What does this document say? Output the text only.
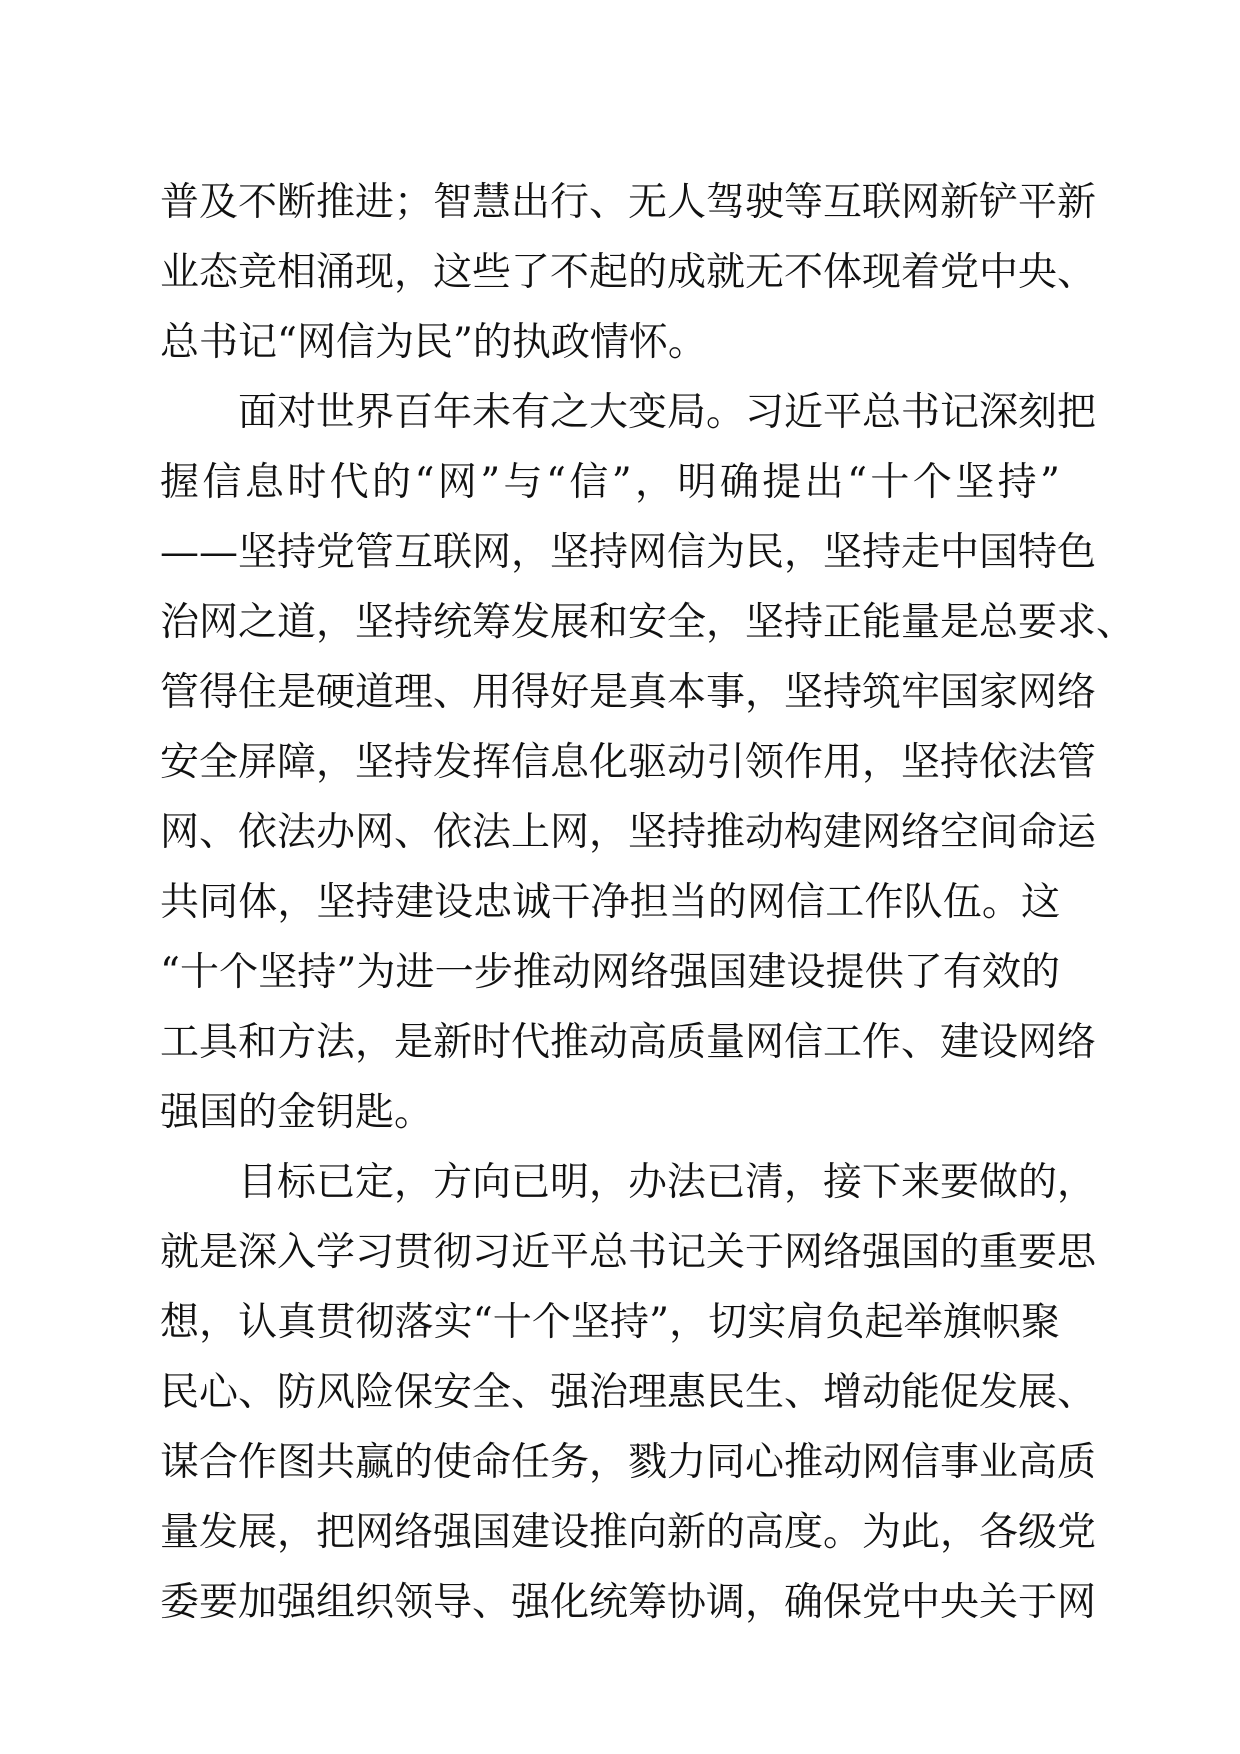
普及不断推进；智慧出行、无人驾驶等互联网新铲平新
业态竞相涌现，这些了不起的成就无不体现着党中央、
总书记“网信为民”的执政情怀。
面对世界百年未有之大变局。习近平总书记深刻把
握信息时代的“网”与“信”，明确提出“十个坚持”
——坚持党管互联网，坚持网信为民，坚持走中国特色
治网之道，坚持统筹发展和安全，坚持正能量是总要求、
管得住是硬道理、用得好是真本事，坚持筑牢国家网络
安全屏障，坚持发挥信息化驱动引领作用，坚持依法管
网、依法办网、依法上网，坚持推动构建网络空间命运
共同体，坚持建设忠诚干净担当的网信工作队伍。这
“十个坚持”为进一步推动网络强国建设提供了有效的
工具和方法，是新时代推动高质量网信工作、建设网络
强国的金钥匙。
目标已定，方向已明，办法已清，接下来要做的，
就是深入学习贯彻习近平总书记关于网络强国的重要思
想，认真贯彻落实“十个坚持”，切实肩负起举旗帜聚
民心、防风险保安全、强治理惠民生、增动能促发展、
谋合作图共赢的使命任务，戮力同心推动网信事业高质
量发展，把网络强国建设推向新的高度。为此，各级党
委要加强组织领导、强化统筹协调，确保党中央关于网
